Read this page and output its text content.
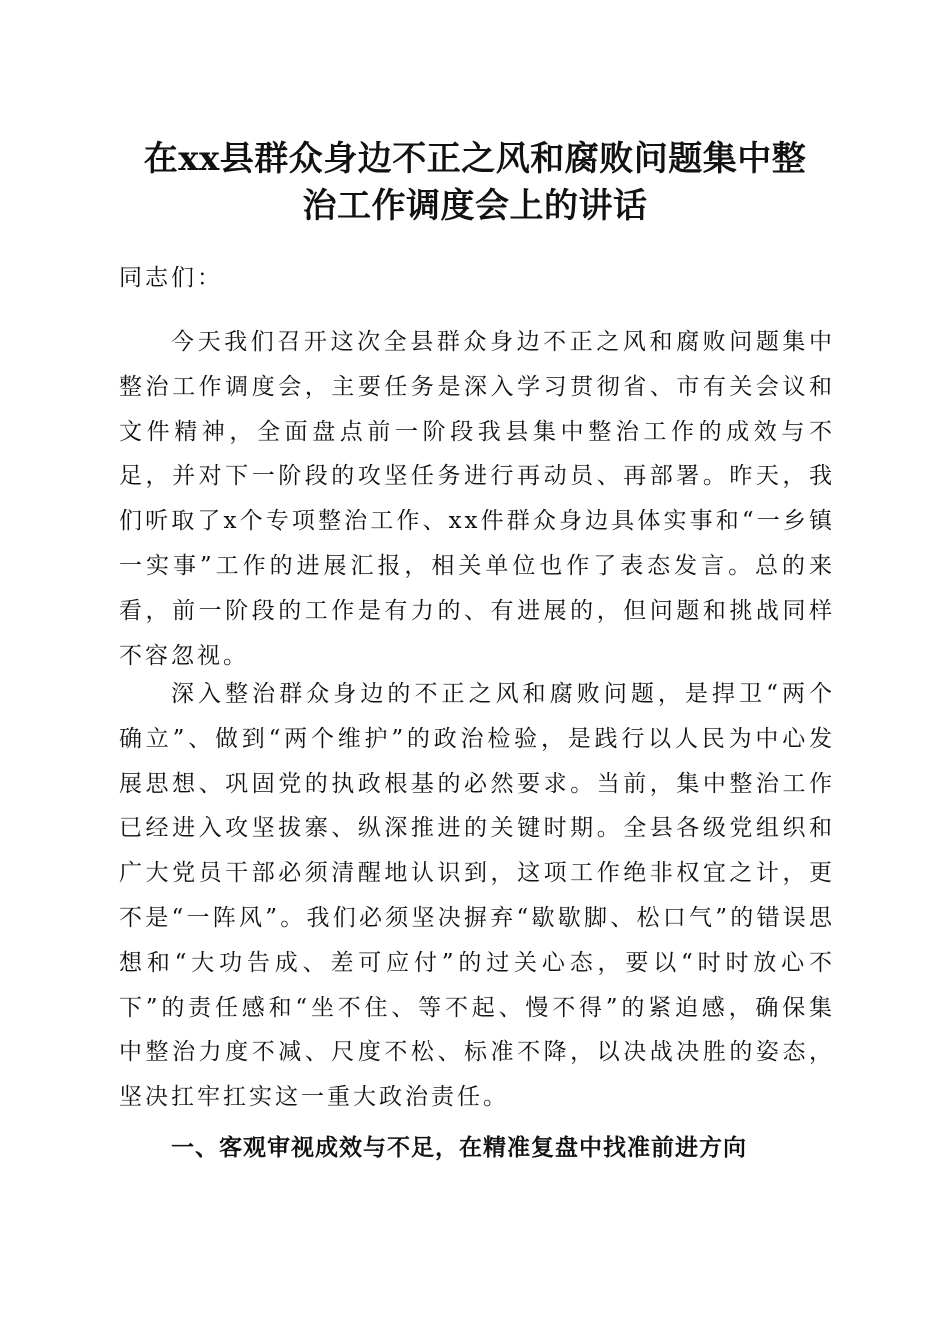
在xx县群众身边不正之风和腐败问题集中整
治工作调度会上的讲话

同志们：

今天我们召开这次全县群众身边不正之风和腐败问题集中整治工作调度会，主要任务是深入学习贯彻省、市有关会议和文件精神，全面盘点前一阶段我县集中整治工作的成效与不足，并对下一阶段的攻坚任务进行再动员、再部署。昨天，我们听取了x个专项整治工作、xx件群众身边具体实事和“一乡镇一实事”工作的进展汇报，相关单位也作了表态发言。总的来看，前一阶段的工作是有力的、有进展的，但问题和挑战同样不容忽视。

深入整治群众身边的不正之风和腐败问题，是捍卫“两个确立”、做到“两个维护”的政治检验，是践行以人民为中心发展思想、巩固党的执政根基的必然要求。当前，集中整治工作已经进入攻坚拔寨、纵深推进的关键时期。全县各级党组织和广大党员干部必须清醒地认识到，这项工作绝非权宜之计，更不是“一阵风”。我们必须坚决摒弃“歇歇脚、松口气”的错误思想和“大功告成、差可应付”的过关心态，要以“时时放心不下”的责任感和“坐不住、等不起、慢不得”的紧迫感，确保集中整治力度不减、尺度不松、标准不降，以决战决胜的姿态，坚决扛牢扛实这一重大政治责任。

一、客观审视成效与不足，在精准复盘中找准前进方向
